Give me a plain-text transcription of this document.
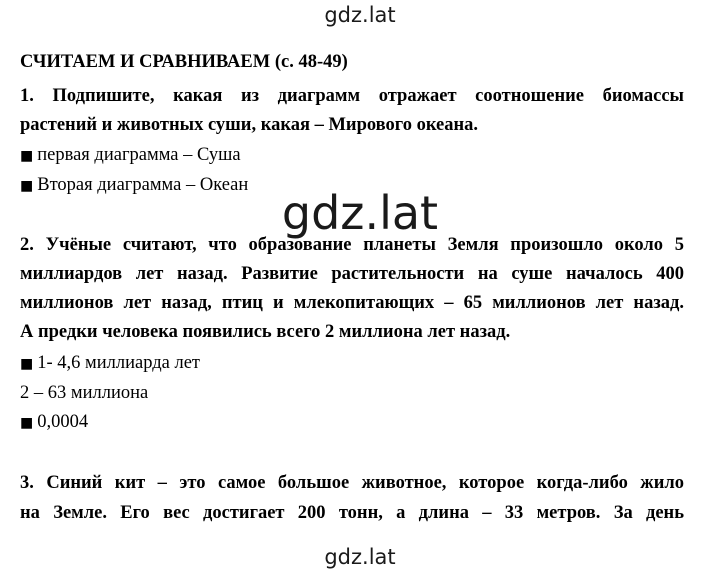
gdz.lat
СЧИТАЕМ И СРАВНИВАЕМ (с. 48-49)
1. Подпишите, какая из диаграмм отражает соотношение биомассы
растений и животных суши, какая – Мирового океана.
■ первая диаграмма – Суша
■ Вторая диаграмма – Океан
gdz.lat
2. Учёные считают, что образование планеты Земля произошло около 5
миллиардов лет назад. Развитие растительности на суше началось 400
миллионов лет назад, птиц и млекопитающих – 65 миллионов лет назад.
А предки человека появились всего 2 миллиона лет назад.
■ 1- 4,6 миллиарда лет
2 – 63 миллиона
■ 0,0004
3. Синий кит – это самое большое животное, которое когда-либо жило
на Земле. Его вес достигает 200 тонн, а длина – 33 метров. За день
gdz.lat
